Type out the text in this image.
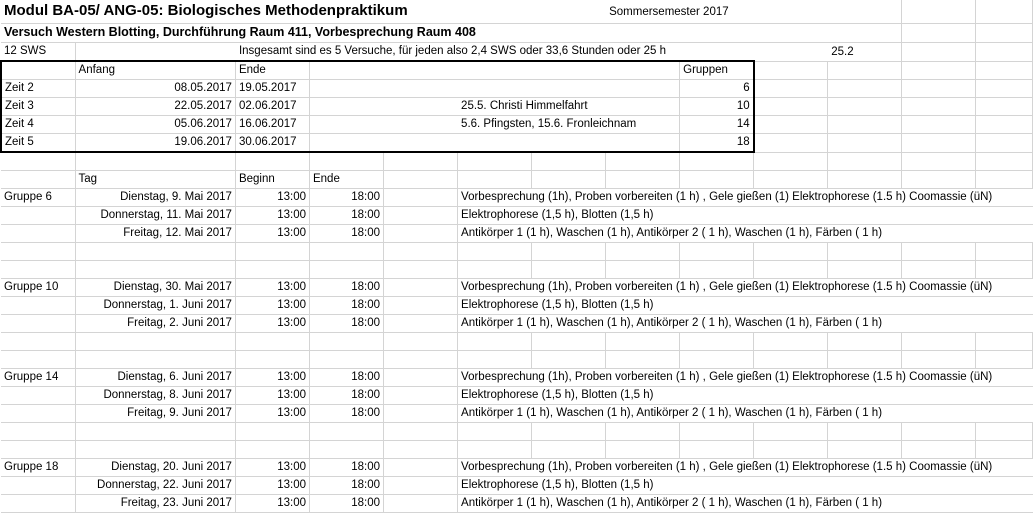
Modul BA-05/ ANG-05: Biologisches Methodenpraktikum							Sommersemester 2017					
Versuch Western Blotting, Durchführung Raum 411, Vorbesprechung Raum 408												
12 SWS		Insgesamt sind es 5 Versuche, für jeden also 2,4 SWS oder 33,6 Stunden oder 25 h								25.2		
	Anfang	Ende						Gruppen				
Zeit 2	08.05.2017	19.05.2017						6				
Zeit 3	22.05.2017	02.06.2017			25.5. Christi Himmelfahrt			10				
Zeit 4	05.06.2017	16.06.2017			5.6. Pfingsten, 15.6. Fronleichnam			14				
Zeit 5	19.06.2017	30.06.2017						18				

	Tag	Beginn	Ende									
Gruppe 6	Dienstag, 9. Mai 2017	13:00	18:00		Vorbesprechung (1h), Proben vorbereiten (1 h) , Gele gießen (1) Elektrophorese (1.5 h) Coomassie (üN)							
	Donnerstag, 11. Mai 2017	13:00	18:00		Elektrophorese (1,5 h), Blotten (1,5 h)							
	Freitag, 12. Mai 2017	13:00	18:00		Antikörper 1 (1 h), Waschen (1 h), Antikörper 2 ( 1 h), Waschen (1 h), Färben ( 1 h)							

Gruppe 10	Dienstag, 30. Mai 2017	13:00	18:00		Vorbesprechung (1h), Proben vorbereiten (1 h) , Gele gießen (1) Elektrophorese (1.5 h) Coomassie (üN)							
	Donnerstag, 1. Juni 2017	13:00	18:00		Elektrophorese (1,5 h), Blotten (1,5 h)							
	Freitag, 2. Juni 2017	13:00	18:00		Antikörper 1 (1 h), Waschen (1 h), Antikörper 2 ( 1 h), Waschen (1 h), Färben ( 1 h)							

Gruppe 14	Dienstag, 6. Juni 2017	13:00	18:00		Vorbesprechung (1h), Proben vorbereiten (1 h) , Gele gießen (1) Elektrophorese (1.5 h) Coomassie (üN)							
	Donnerstag, 8. Juni 2017	13:00	18:00		Elektrophorese (1,5 h), Blotten (1,5 h)							
	Freitag, 9. Juni 2017	13:00	18:00		Antikörper 1 (1 h), Waschen (1 h), Antikörper 2 ( 1 h), Waschen (1 h), Färben ( 1 h)							

Gruppe 18	Dienstag, 20. Juni 2017	13:00	18:00		Vorbesprechung (1h), Proben vorbereiten (1 h) , Gele gießen (1) Elektrophorese (1.5 h) Coomassie (üN)							
	Donnerstag, 22. Juni 2017	13:00	18:00		Elektrophorese (1,5 h), Blotten (1,5 h)							
	Freitag, 23. Juni 2017	13:00	18:00		Antikörper 1 (1 h), Waschen (1 h), Antikörper 2 ( 1 h), Waschen (1 h), Färben ( 1 h)							
